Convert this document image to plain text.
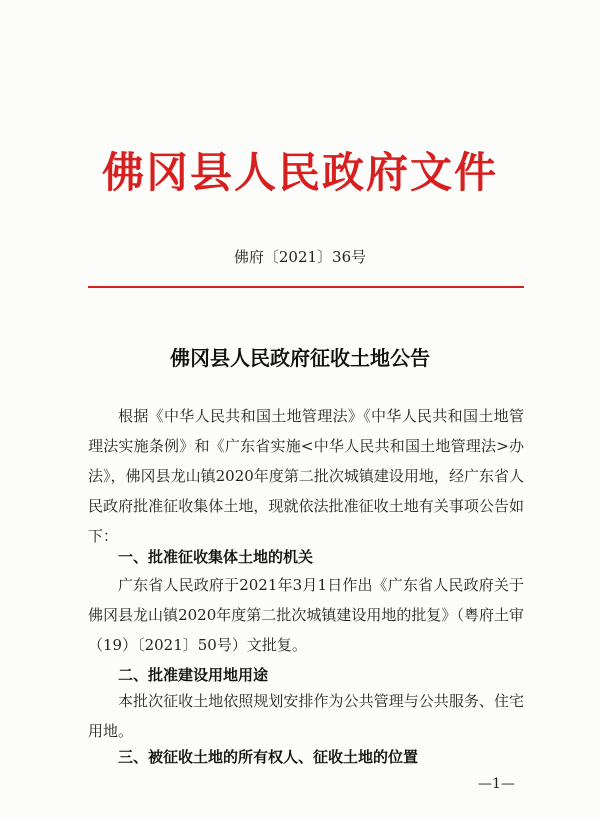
佛冈县人民政府文件
佛府〔2021〕36号
佛冈县人民政府征收土地公告
根据《中华人民共和国土地管理法》《中华人民共和国土地管理法实施条例》和《广东省实施<中华人民共和国土地管理法>办法》，佛冈县龙山镇2020年度第二批次城镇建设用地，经广东省人民政府批准征收集体土地，现就依法批准征收土地有关事项公告如下：
一、批准征收集体土地的机关
广东省人民政府于2021年3月1日作出《广东省人民政府关于佛冈县龙山镇2020年度第二批次城镇建设用地的批复》（粤府土审（19）〔2021〕50号）文批复。
二、批准建设用地用途
本批次征收土地依照规划安排作为公共管理与公共服务、住宅用地。
三、被征收土地的所有权人、征收土地的位置
—1—
